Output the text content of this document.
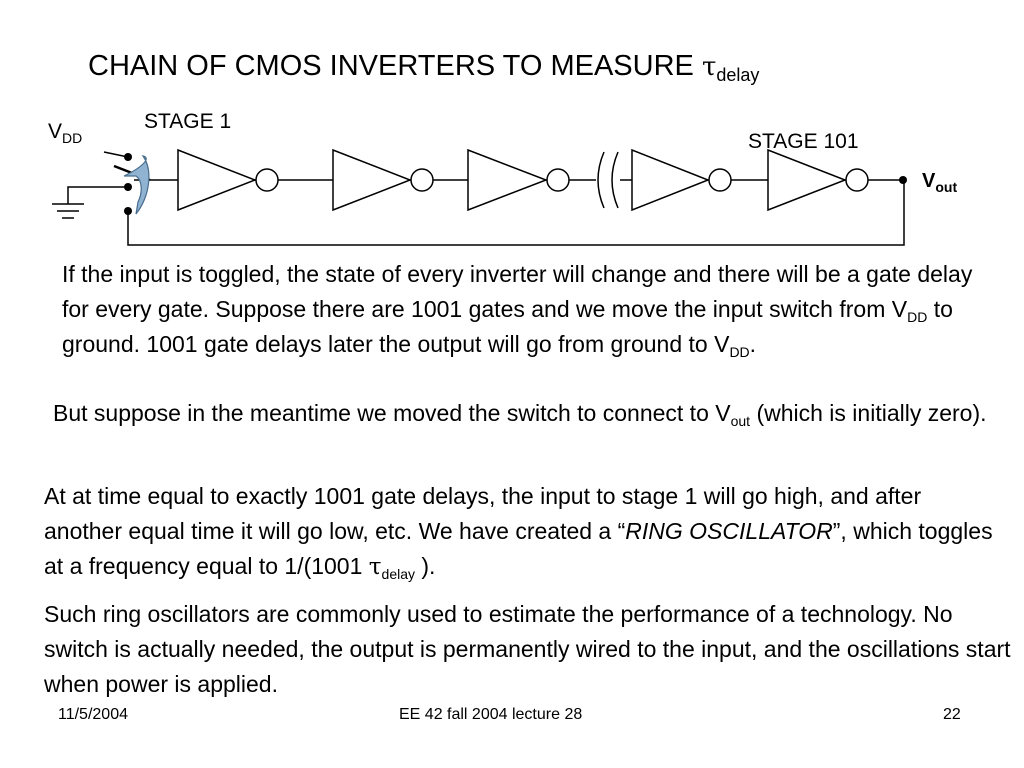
CHAIN OF CMOS INVERTERS TO MEASURE $\tau_{delay}$
$V_{DD}$
STAGE 1
STAGE 101
$V_{out}$
If the input is toggled, the state of every inverter will change and there will be a gate delay for every gate. Suppose there are 1001 gates and we move the input switch from $V_{DD}$ to ground. 1001 gate delays later the output will go from ground to $V_{DD}$.
But suppose in the meantime we moved the switch to connect to $V_{out}$ (which is initially zero).
At at time equal to exactly 1001 gate delays, the input to stage 1 will go high, and after another equal time it will go low, etc. We have created a “RING OSCILLATOR”, which toggles at a frequency equal to 1/(1001 $\tau_{delay}$ ).
Such ring oscillators are commonly used to estimate the performance of a technology. No switch is actually needed, the output is permanently wired to the input, and the oscillations start when power is applied.
11/5/2004	EE 42 fall 2004 lecture 28	22
